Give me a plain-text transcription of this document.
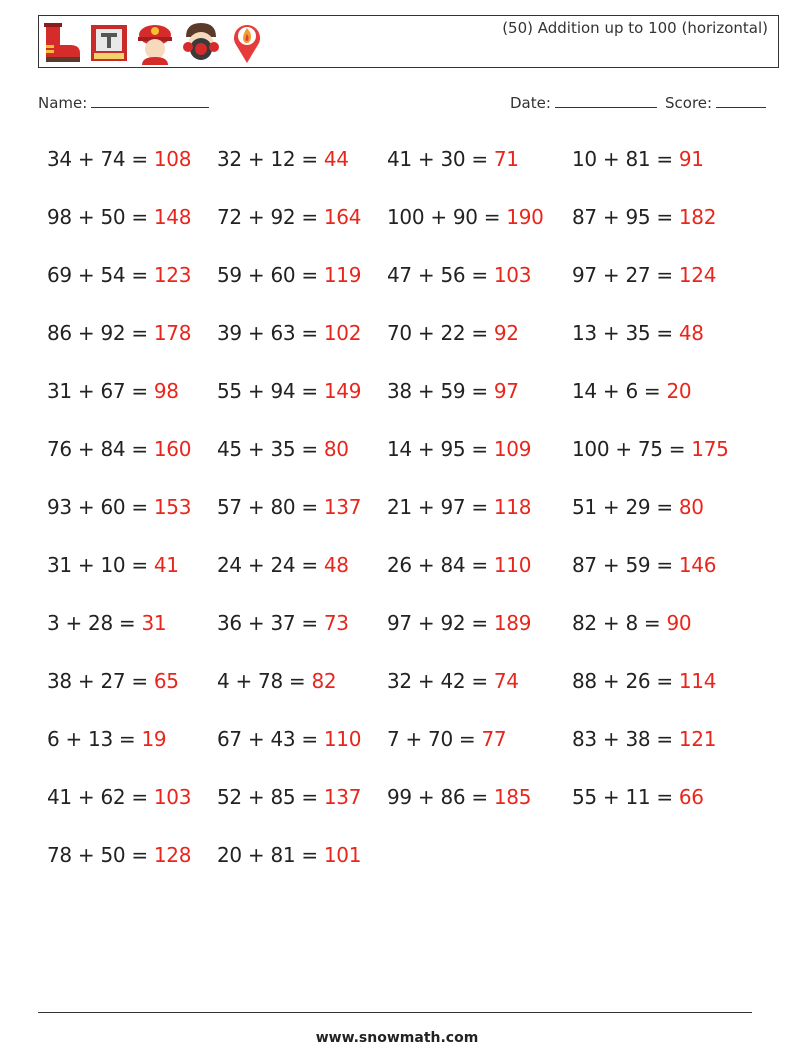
(50) Addition up to 100 (horizontal)
Name:	Date:	Score:
34 + 74 = 108 32 + 12 = 44 41 + 30 = 71	10 + 81 = 91
98 + 50 = 148 72 + 92 = 164 100 + 90 = 190 87 + 95 = 182
69 + 54 = 123 59 + 60 = 119 47 + 56 = 103 97 + 27 = 124
86 + 92 = 178 39 + 63 = 102 70 + 22 = 92	13 + 35 = 48
31 + 67 = 98 55 + 94 = 149 38 + 59 = 97	14 + 6 = 20
76 + 84 = 160 45 + 35 = 80 14 + 95 = 109 100 + 75 = 175
93 + 60 = 153 57 + 80 = 137 21 + 97 = 118 51 + 29 = 80
31 + 10 = 41 24 + 24 = 48 26 + 84 = 110 87 + 59 = 146
3 + 28 = 31	36 + 37 = 73 97 + 92 = 189 82 + 8 = 90
38 + 27 = 65 4 + 78 = 82	32 + 42 = 74	88 + 26 = 114
6 + 13 = 19	67 + 43 = 110 7 + 70 = 77	83 + 38 = 121
41 + 62 = 103 52 + 85 = 137 99 + 86 = 185 55 + 11 = 66
78 + 50 = 128 20 + 81 = 101
www.snowmath.com
